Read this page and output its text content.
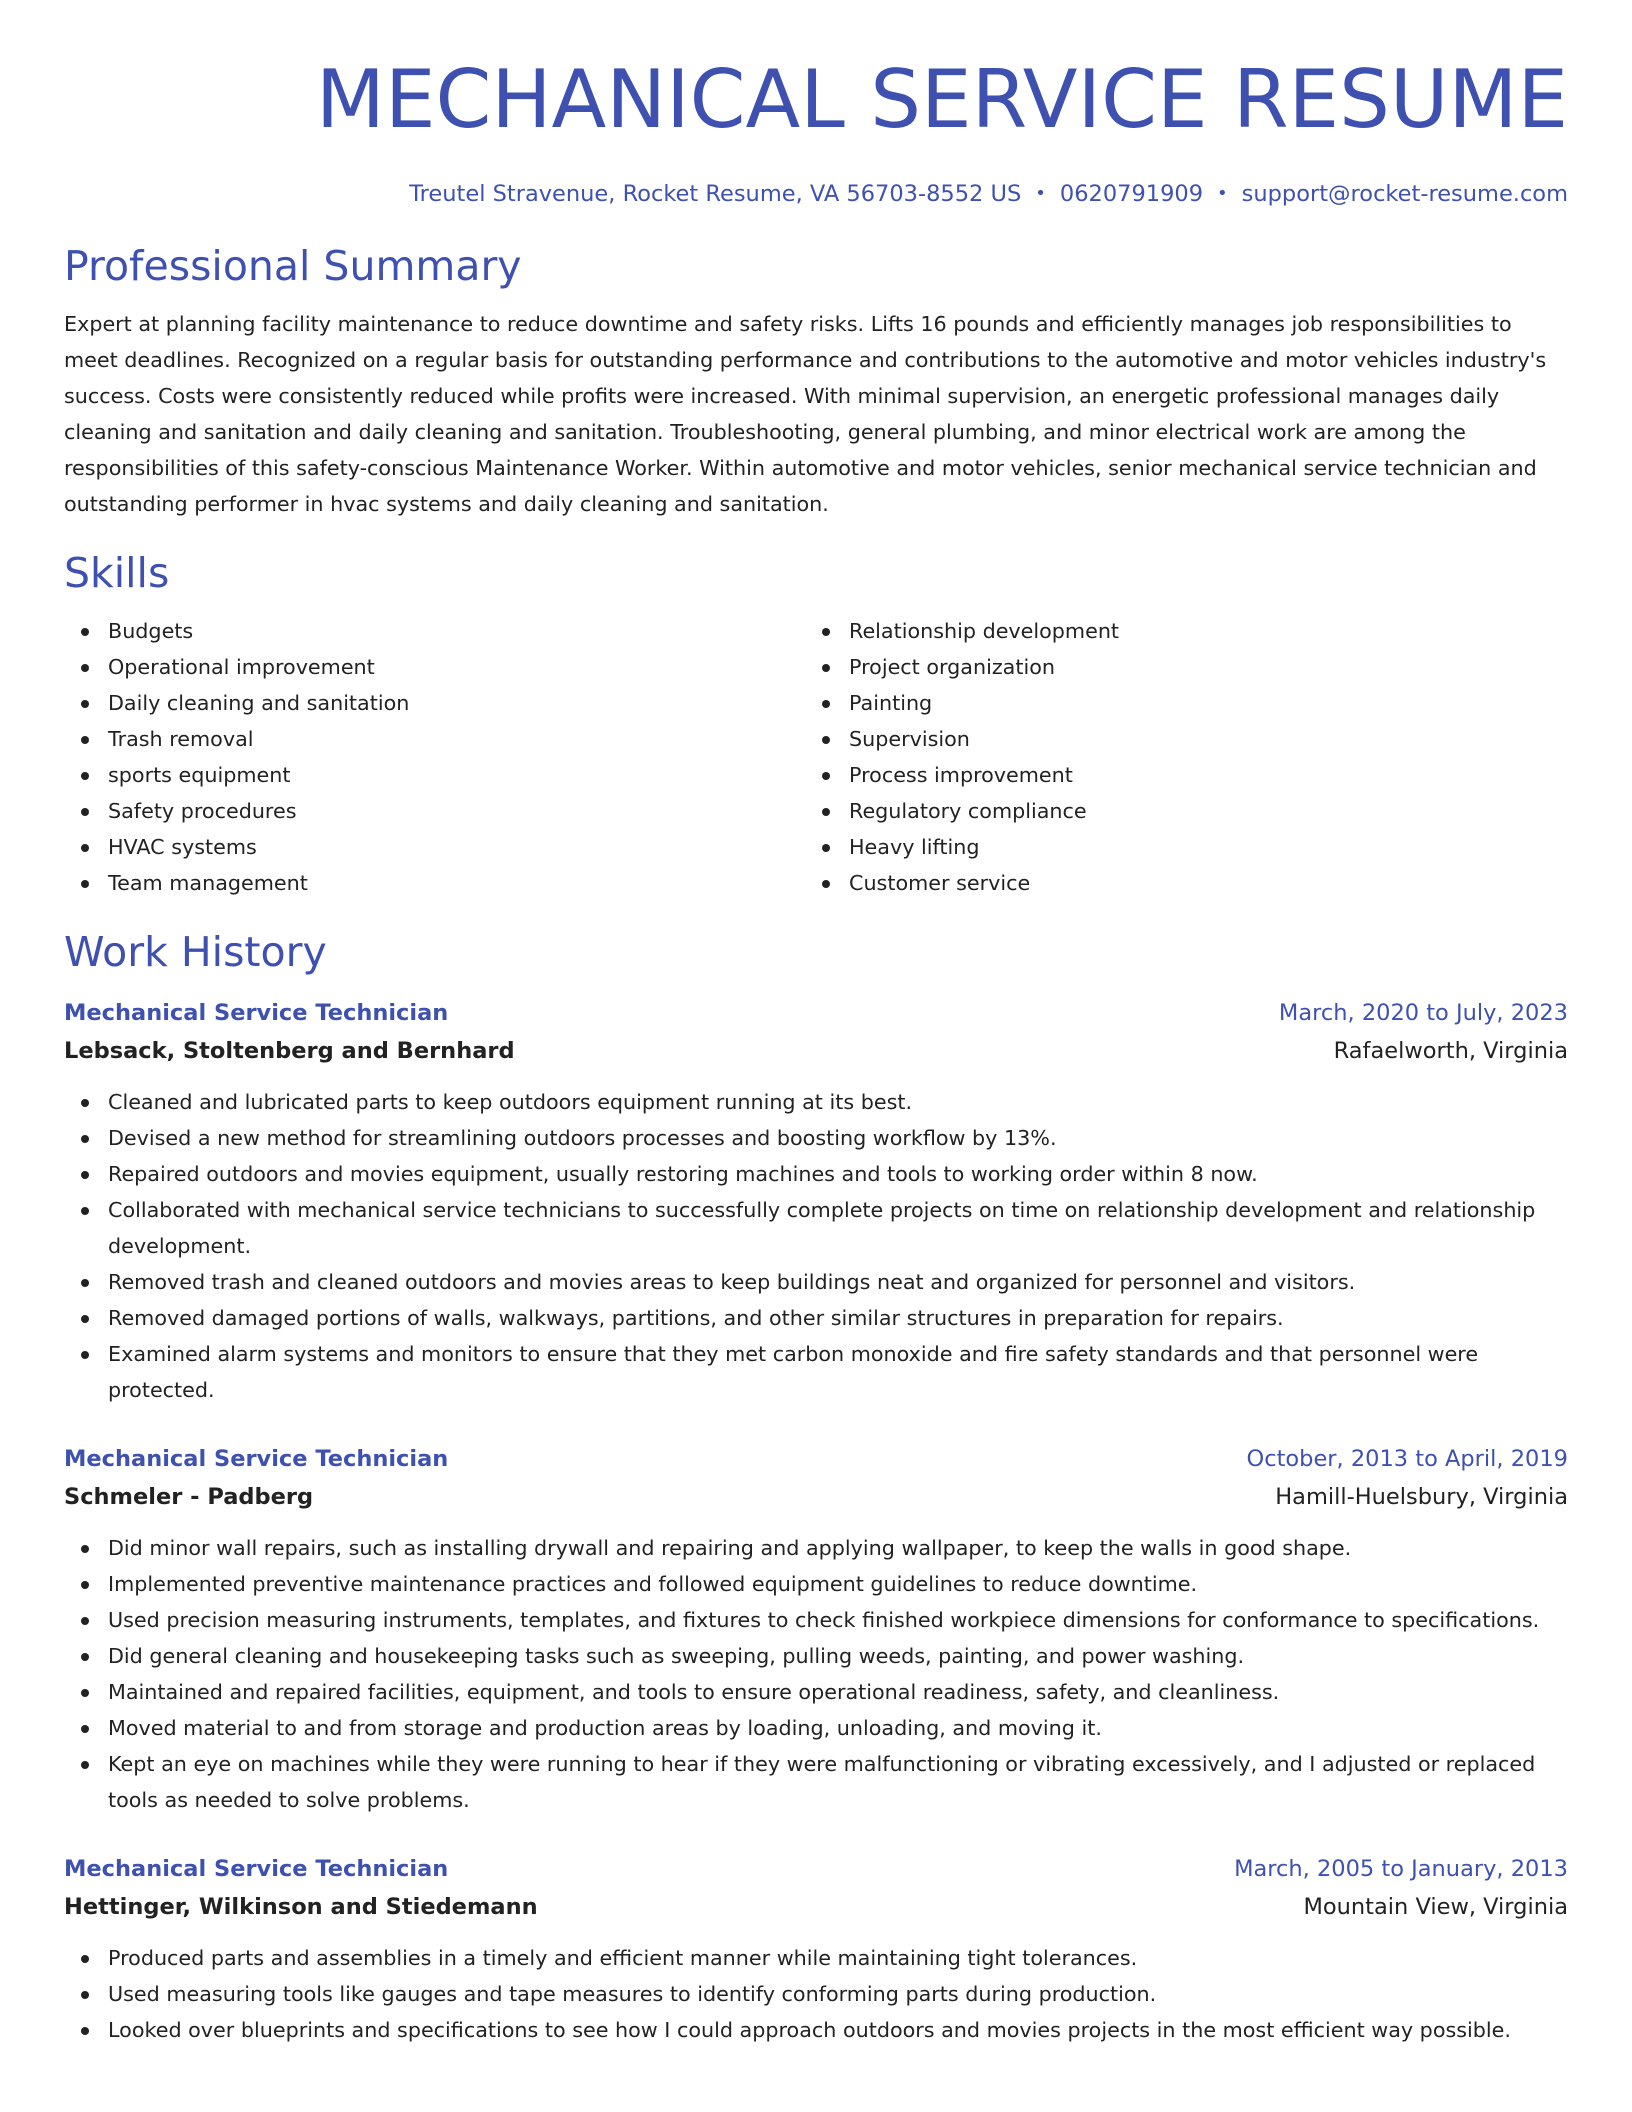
MECHANICAL SERVICE RESUME
Treutel Stravenue, Rocket Resume, VA 56703-8552 US • 0620791909 • support@rocket-resume.com
Professional Summary

Expert at planning facility maintenance to reduce downtime and safety risks. Lifts 16 pounds and efficiently manages job responsibilities to meet deadlines. Recognized on a regular basis for outstanding performance and contributions to the automotive and motor vehicles industry's success. Costs were consistently reduced while profits were increased. With minimal supervision, an energetic professional manages daily cleaning and sanitation and daily cleaning and sanitation. Troubleshooting, general plumbing, and minor electrical work are among the responsibilities of this safety-conscious Maintenance Worker. Within automotive and motor vehicles, senior mechanical service technician and outstanding performer in hvac systems and daily cleaning and sanitation.

Skills
Budgets
Operational improvement
Daily cleaning and sanitation
Trash removal
sports equipment
Safety procedures
HVAC systems
Team management
Relationship development
Project organization
Painting
Supervision
Process improvement
Regulatory compliance
Heavy lifting
Customer service
Work History
Mechanical Service Technician	March, 2020 to July, 2023
Lebsack, Stoltenberg and Bernhard	Rafaelworth, Virginia
Cleaned and lubricated parts to keep outdoors equipment running at its best.
Devised a new method for streamlining outdoors processes and boosting workflow by 13%.
Repaired outdoors and movies equipment, usually restoring machines and tools to working order within 8 now.
Collaborated with mechanical service technicians to successfully complete projects on time on relationship development and relationship development.
Removed trash and cleaned outdoors and movies areas to keep buildings neat and organized for personnel and visitors.
Removed damaged portions of walls, walkways, partitions, and other similar structures in preparation for repairs.
Examined alarm systems and monitors to ensure that they met carbon monoxide and fire safety standards and that personnel were protected.
Mechanical Service Technician	October, 2013 to April, 2019
Schmeler - Padberg	Hamill-Huelsbury, Virginia
Did minor wall repairs, such as installing drywall and repairing and applying wallpaper, to keep the walls in good shape.
Implemented preventive maintenance practices and followed equipment guidelines to reduce downtime.
Used precision measuring instruments, templates, and fixtures to check finished workpiece dimensions for conformance to specifications.
Did general cleaning and housekeeping tasks such as sweeping, pulling weeds, painting, and power washing.
Maintained and repaired facilities, equipment, and tools to ensure operational readiness, safety, and cleanliness.
Moved material to and from storage and production areas by loading, unloading, and moving it.
Kept an eye on machines while they were running to hear if they were malfunctioning or vibrating excessively, and I adjusted or replaced tools as needed to solve problems.
Mechanical Service Technician	March, 2005 to January, 2013
Hettinger, Wilkinson and Stiedemann	Mountain View, Virginia
Produced parts and assemblies in a timely and efficient manner while maintaining tight tolerances.
Used measuring tools like gauges and tape measures to identify conforming parts during production.
Looked over blueprints and specifications to see how I could approach outdoors and movies projects in the most efficient way possible.
